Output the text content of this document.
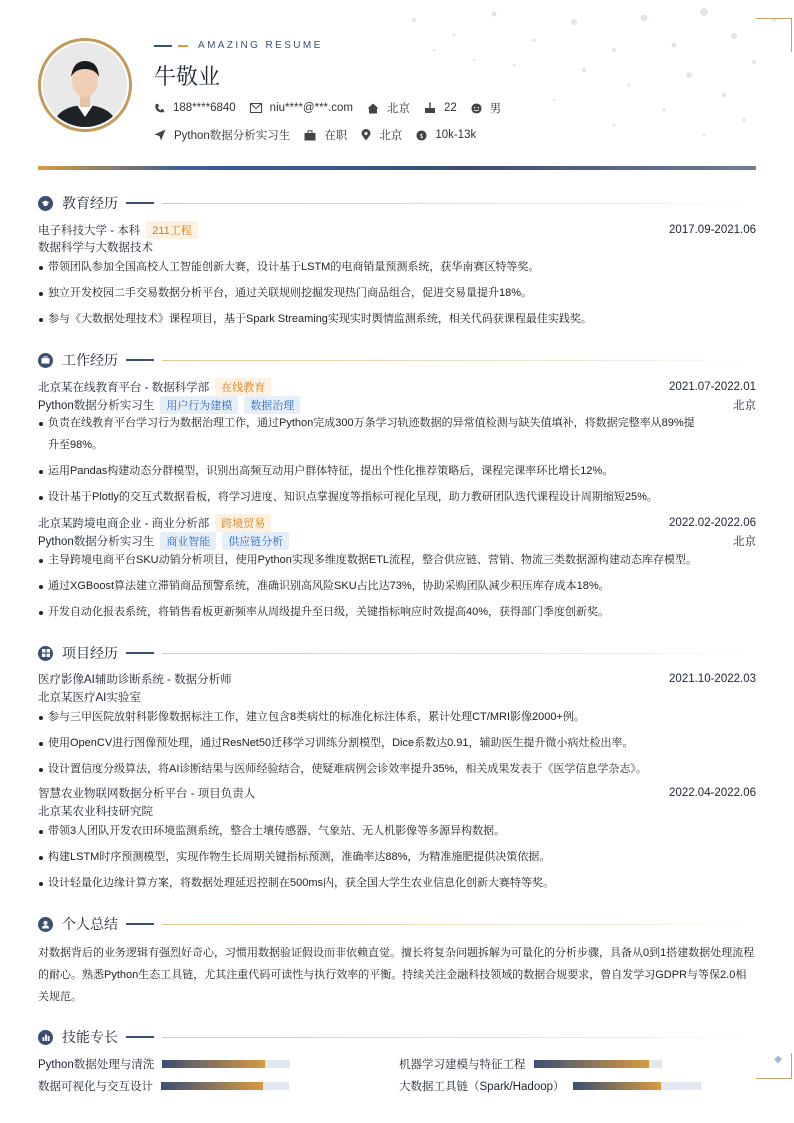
◆
AMAZING RESUME
牛敬业
188****6840	niu****@***.com	北京	22	男
Python数据分析实习生	在职	北京 $ 10k-13k
教育经历
电子科技大学 - 本科	211工程	2017.09-2021.06
数据科学与大数据技术
带领团队参加全国高校人工智能创新大赛，设计基于LSTM的电商销量预测系统，获华南赛区特等奖。
独立开发校园二手交易数据分析平台，通过关联规则挖掘发现热门商品组合，促进交易量提升18%。
参与《大数据处理技术》课程项目，基于Spark Streaming实现实时舆情监测系统，相关代码获课程最佳实践奖。
工作经历
北京某在线教育平台 - 数据科学部	在线教育	2021.07-2022.01
Python数据分析实习生	用户行为建模	数据治理	北京
负责在线教育平台学习行为数据治理工作，通过Python完成300万条学习轨迹数据的异常值检测与缺失值填补，将数据完整率从89%提
升至98%。
运用Pandas构建动态分群模型，识别出高频互动用户群体特征，提出个性化推荐策略后，课程完课率环比增长12%。
设计基于Plotly的交互式数据看板，将学习进度、知识点掌握度等指标可视化呈现，助力教研团队迭代课程设计周期缩短25%。
北京某跨境电商企业 - 商业分析部	跨境贸易	2022.02-2022.06
Python数据分析实习生	商业智能	供应链分析	北京
主导跨境电商平台SKU动销分析项目，使用Python实现多维度数据ETL流程，整合供应链、营销、物流三类数据源构建动态库存模型。
通过XGBoost算法建立滞销商品预警系统，准确识别高风险SKU占比达73%，协助采购团队减少积压库存成本18%。
开发自动化报表系统，将销售看板更新频率从周级提升至日级，关键指标响应时效提高40%，获得部门季度创新奖。
项目经历
医疗影像AI辅助诊断系统 - 数据分析师	2021.10-2022.03
北京某医疗AI实验室
参与三甲医院放射科影像数据标注工作，建立包含8类病灶的标准化标注体系，累计处理CT/MRI影像2000+例。
使用OpenCV进行图像预处理，通过ResNet50迁移学习训练分割模型，Dice系数达0.91，辅助医生提升微小病灶检出率。
设计置信度分级算法，将AI诊断结果与医师经验结合，使疑难病例会诊效率提升35%，相关成果发表于《医学信息学杂志》。
智慧农业物联网数据分析平台 - 项目负责人	2022.04-2022.06
北京某农业科技研究院
带领3人团队开发农田环境监测系统，整合土壤传感器、气象站、无人机影像等多源异构数据。
构建LSTM时序预测模型，实现作物生长周期关键指标预测，准确率达88%，为精准施肥提供决策依据。
设计轻量化边缘计算方案，将数据处理延迟控制在500ms内，获全国大学生农业信息化创新大赛特等奖。
个人总结
对数据背后的业务逻辑有强烈好奇心，习惯用数据验证假设而非依赖直觉。擅长将复杂问题拆解为可量化的分析步骤，具备从0到1搭建数据处理流程的耐心。熟悉Python生态工具链，尤其注重代码可读性与执行效率的平衡。持续关注金融科技领域的数据合规要求，曾自发学习GDPR与等保2.0相关规范。
技能专长
Python数据处理与清洗	机器学习建模与特征工程
数据可视化与交互设计	大数据工具链（Spark/Hadoop）
